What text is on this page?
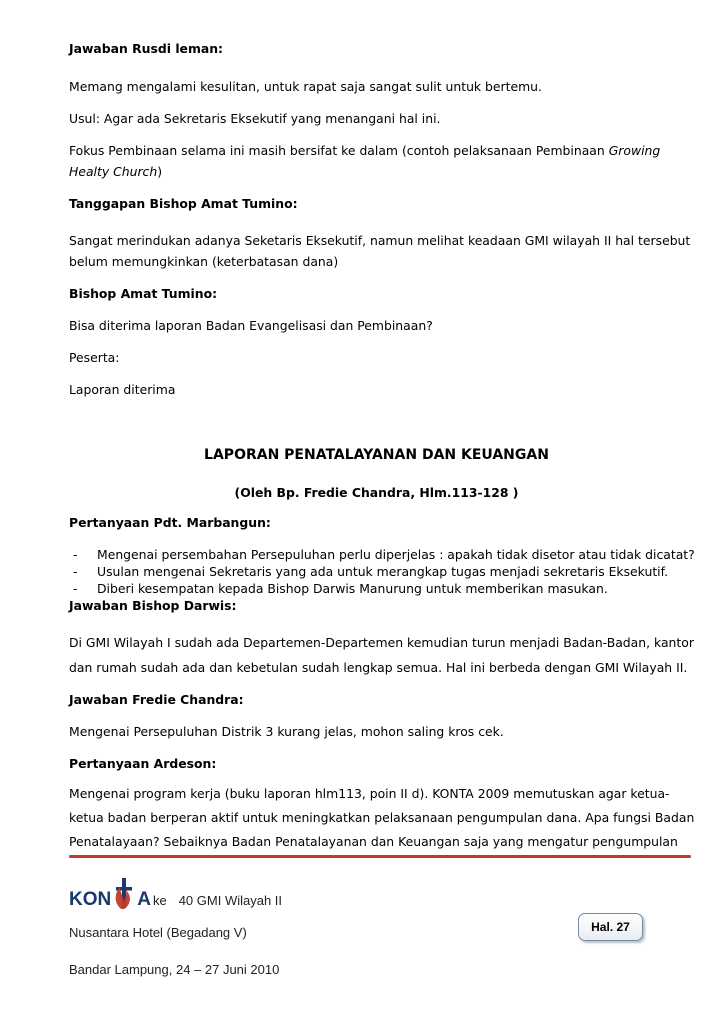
Jawaban Rusdi leman:
Memang mengalami kesulitan, untuk rapat saja sangat sulit untuk bertemu.
Usul: Agar ada Sekretaris Eksekutif yang menangani hal ini.
Fokus Pembinaan selama ini masih bersifat ke dalam (contoh pelaksanaan Pembinaan Growing
Healty Church)
Tanggapan Bishop Amat Tumino:
Sangat merindukan adanya Seketaris Eksekutif, namun melihat keadaan GMI wilayah II hal tersebut
belum memungkinkan (keterbatasan dana)
Bishop Amat Tumino:
Bisa diterima laporan Badan Evangelisasi dan Pembinaan?
Peserta:
Laporan diterima
LAPORAN PENATALAYANAN DAN KEUANGAN
(Oleh Bp. Fredie Chandra, Hlm.113-128 )
Pertanyaan Pdt. Marbangun:
- Mengenai persembahan Persepuluhan perlu diperjelas : apakah tidak disetor atau tidak dicatat?
- Usulan mengenai Sekretaris yang ada untuk merangkap tugas menjadi sekretaris Eksekutif.
- Diberi kesempatan kepada Bishop Darwis Manurung untuk memberikan masukan.
Jawaban Bishop Darwis:
Di GMI Wilayah I sudah ada Departemen-Departemen kemudian turun menjadi Badan-Badan, kantor
dan rumah sudah ada dan kebetulan sudah lengkap semua. Hal ini berbeda dengan GMI Wilayah II.
Jawaban Fredie Chandra:
Mengenai Persepuluhan Distrik 3 kurang jelas, mohon saling kros cek.
Pertanyaan Ardeson:
Mengenai program kerja (buku laporan hlm113, poin II d). KONTA 2009 memutuskan agar ketua-
ketua badan berperan aktif untuk meningkatkan pelaksanaan pengumpulan dana. Apa fungsi Badan
Penatalayaan? Sebaiknya Badan Penatalayanan dan Keuangan saja yang mengatur pengumpulan
KON A ke 40 GMI Wilayah II
Nusantara Hotel (Begadang V)
Bandar Lampung, 24 – 27 Juni 2010
Hal. 27
